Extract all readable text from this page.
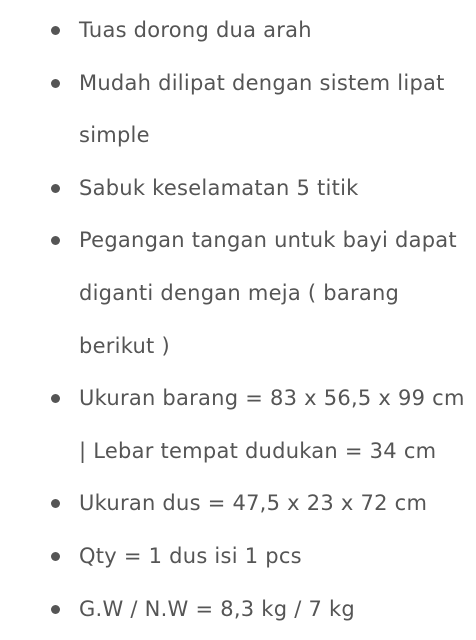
Tuas dorong dua arah
Mudah dilipat dengan sistem lipat
simple
Sabuk keselamatan 5 titik
Pegangan tangan untuk bayi dapat
diganti dengan meja ( barang
berikut )
Ukuran barang = 83 x 56,5 x 99 cm
| Lebar tempat dudukan = 34 cm
Ukuran dus = 47,5 x 23 x 72 cm
Qty = 1 dus isi 1 pcs
G.W / N.W = 8,3 kg / 7 kg
